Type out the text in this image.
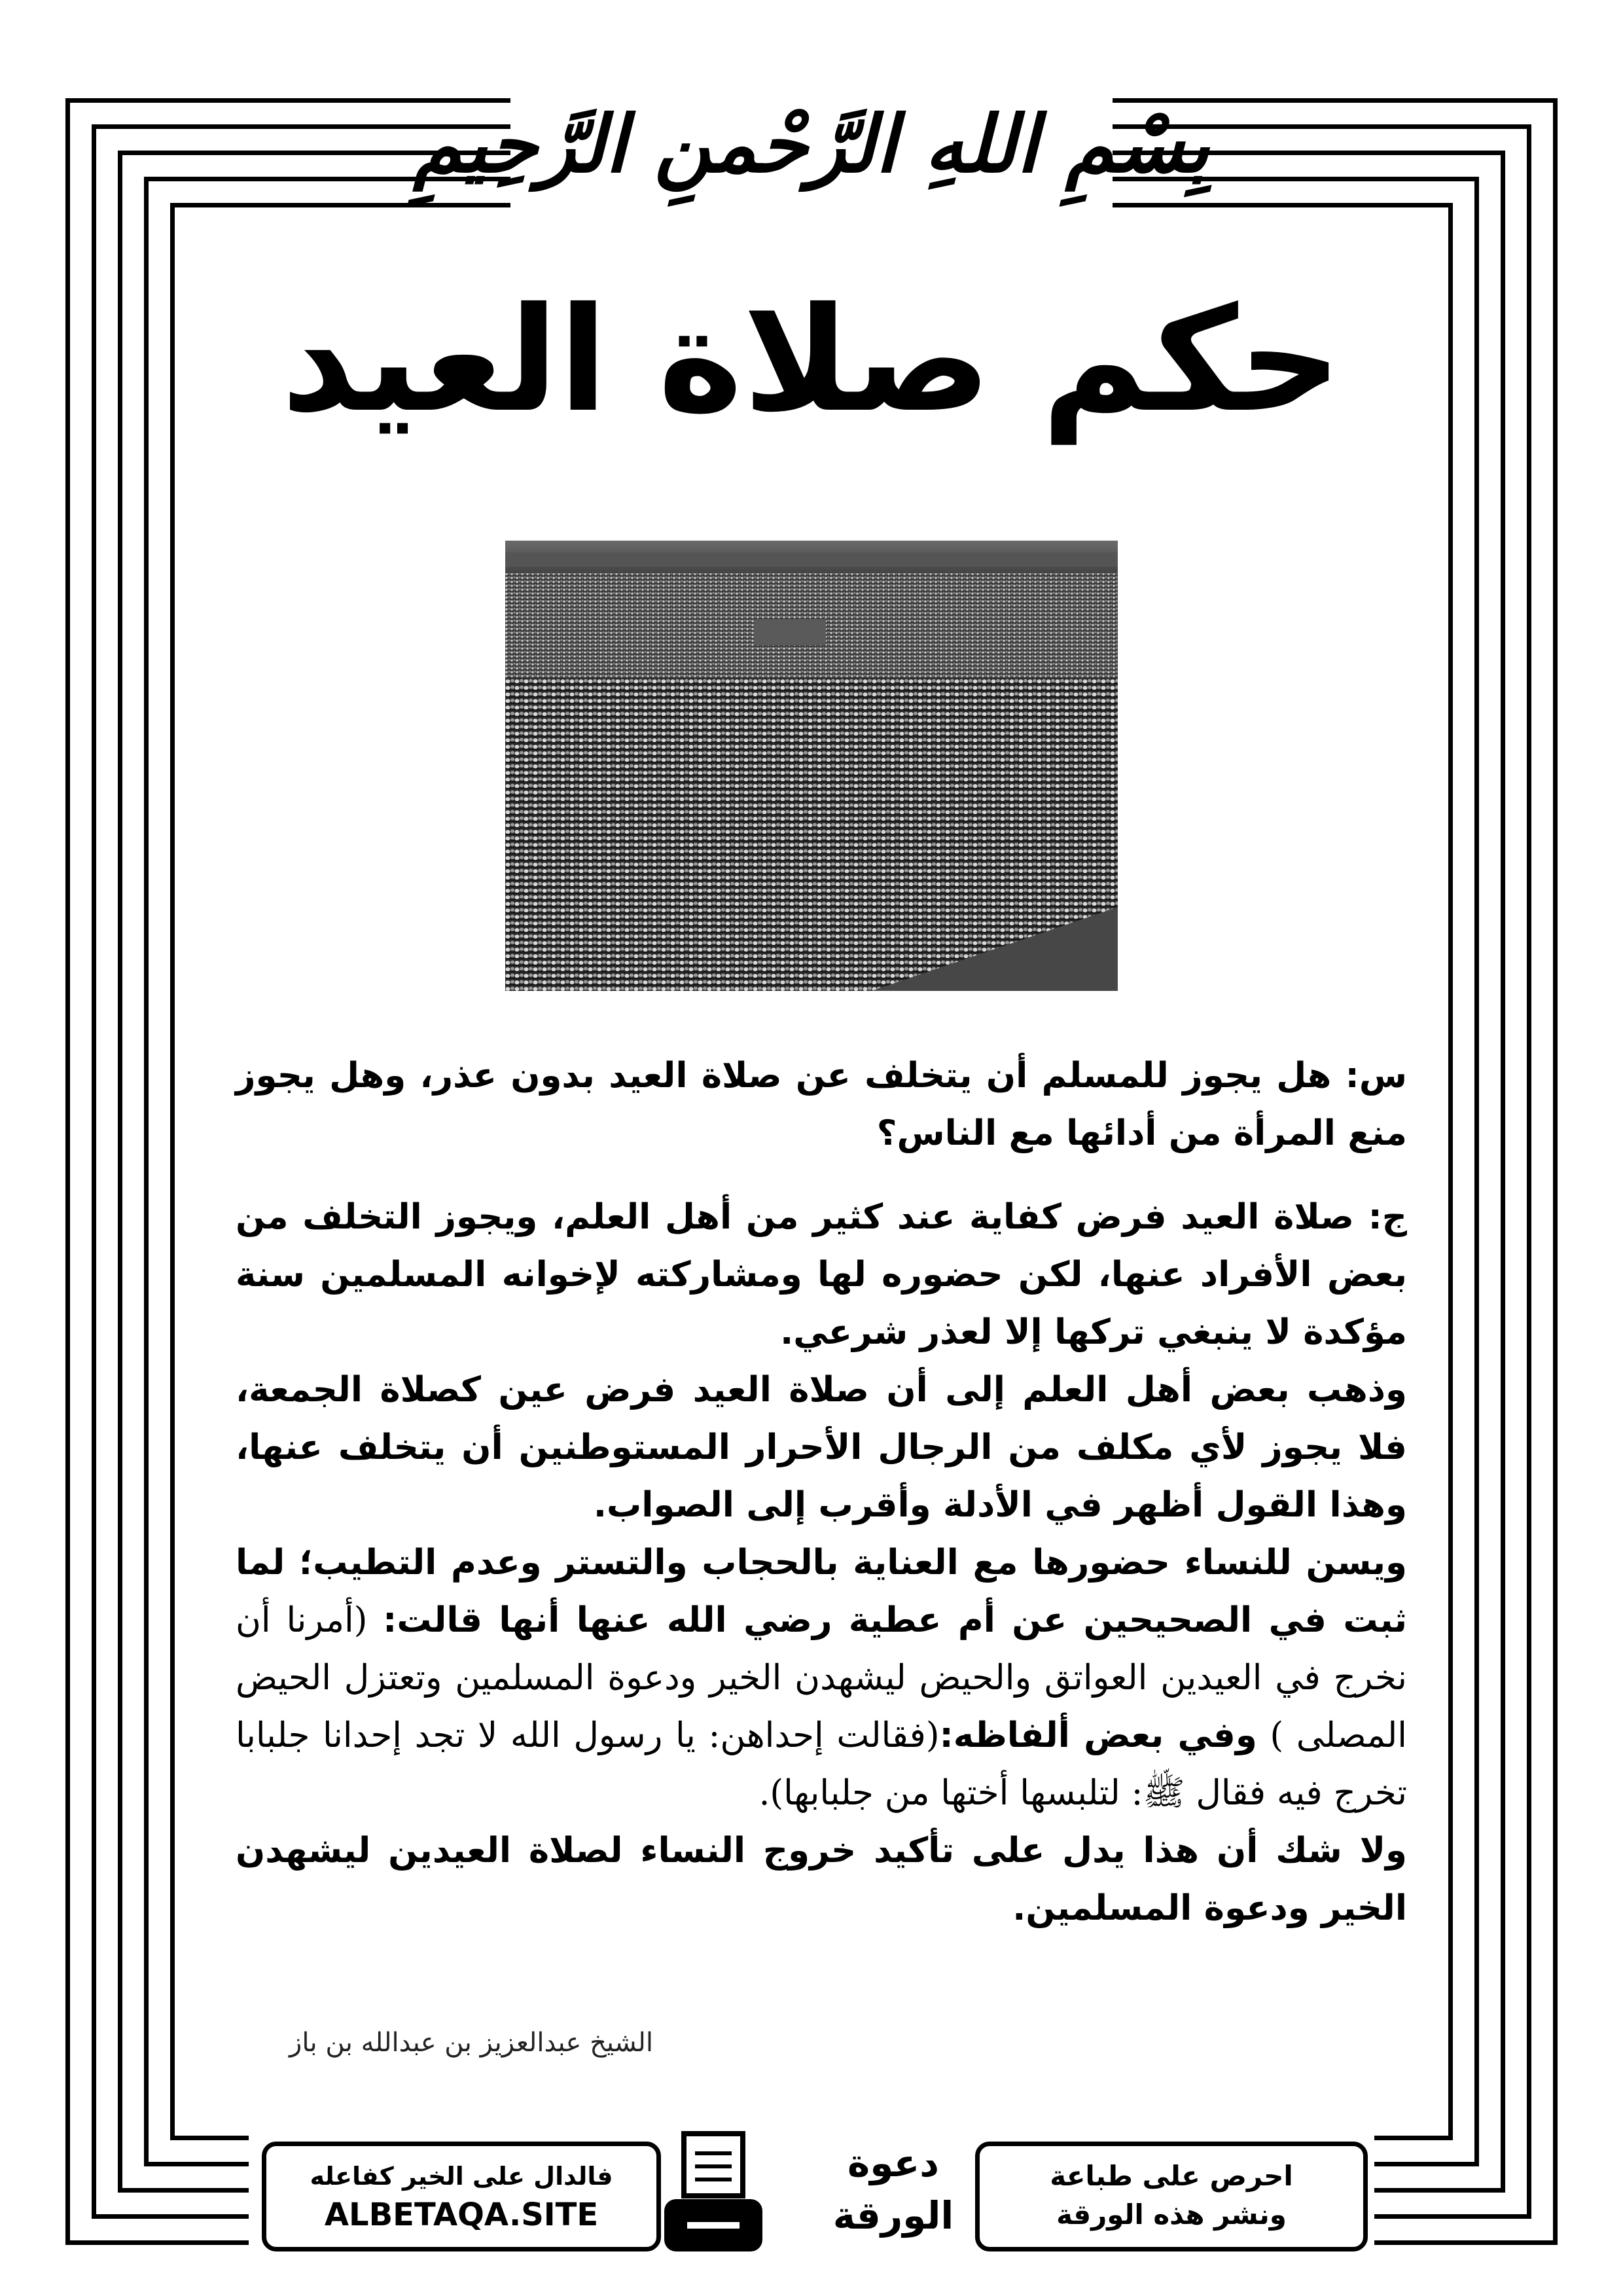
بِسْمِ اللهِ الرَّحْمنِ الرَّحِيمِ
حكم صلاة العيد

س: هل يجوز للمسلم أن يتخلف عن صلاة العيد بدون عذر، وهل يجوز منع المرأة من أدائها مع الناس؟

ج: صلاة العيد فرض كفاية عند كثير من أهل العلم، ويجوز التخلف من بعض الأفراد عنها، لكن حضوره لها ومشاركته لإخوانه المسلمين سنة مؤكدة لا ينبغي تركها إلا لعذر شرعي.

وذهب بعض أهل العلم إلى أن صلاة العيد فرض عين كصلاة الجمعة، فلا يجوز لأي مكلف من الرجال الأحرار المستوطنين أن يتخلف عنها، وهذا القول أظهر في الأدلة وأقرب إلى الصواب.

ويسن للنساء حضورها مع العناية بالحجاب والتستر وعدم التطيب؛ لما ثبت في الصحيحين عن أم عطية رضي الله عنها أنها قالت: (أمرنا أن نخرج في العيدين العواتق والحيض ليشهدن الخير ودعوة المسلمين وتعتزل الحيض المصلى ) وفي بعض ألفاظه:(فقالت إحداهن: يا رسول الله لا تجد إحدانا جلبابا تخرج فيه فقال ﷺ: لتلبسها أختها من جلبابها).

ولا شك أن هذا يدل على تأكيد خروج النساء لصلاة العيدين ليشهدن الخير ودعوة المسلمين.

الشيخ عبدالعزيز بن عبدالله بن باز
فالدال على الخير كفاعله
ALBETAQA.SITE
دعوة
الورقة
احرص على طباعة
ونشر هذه الورقة
